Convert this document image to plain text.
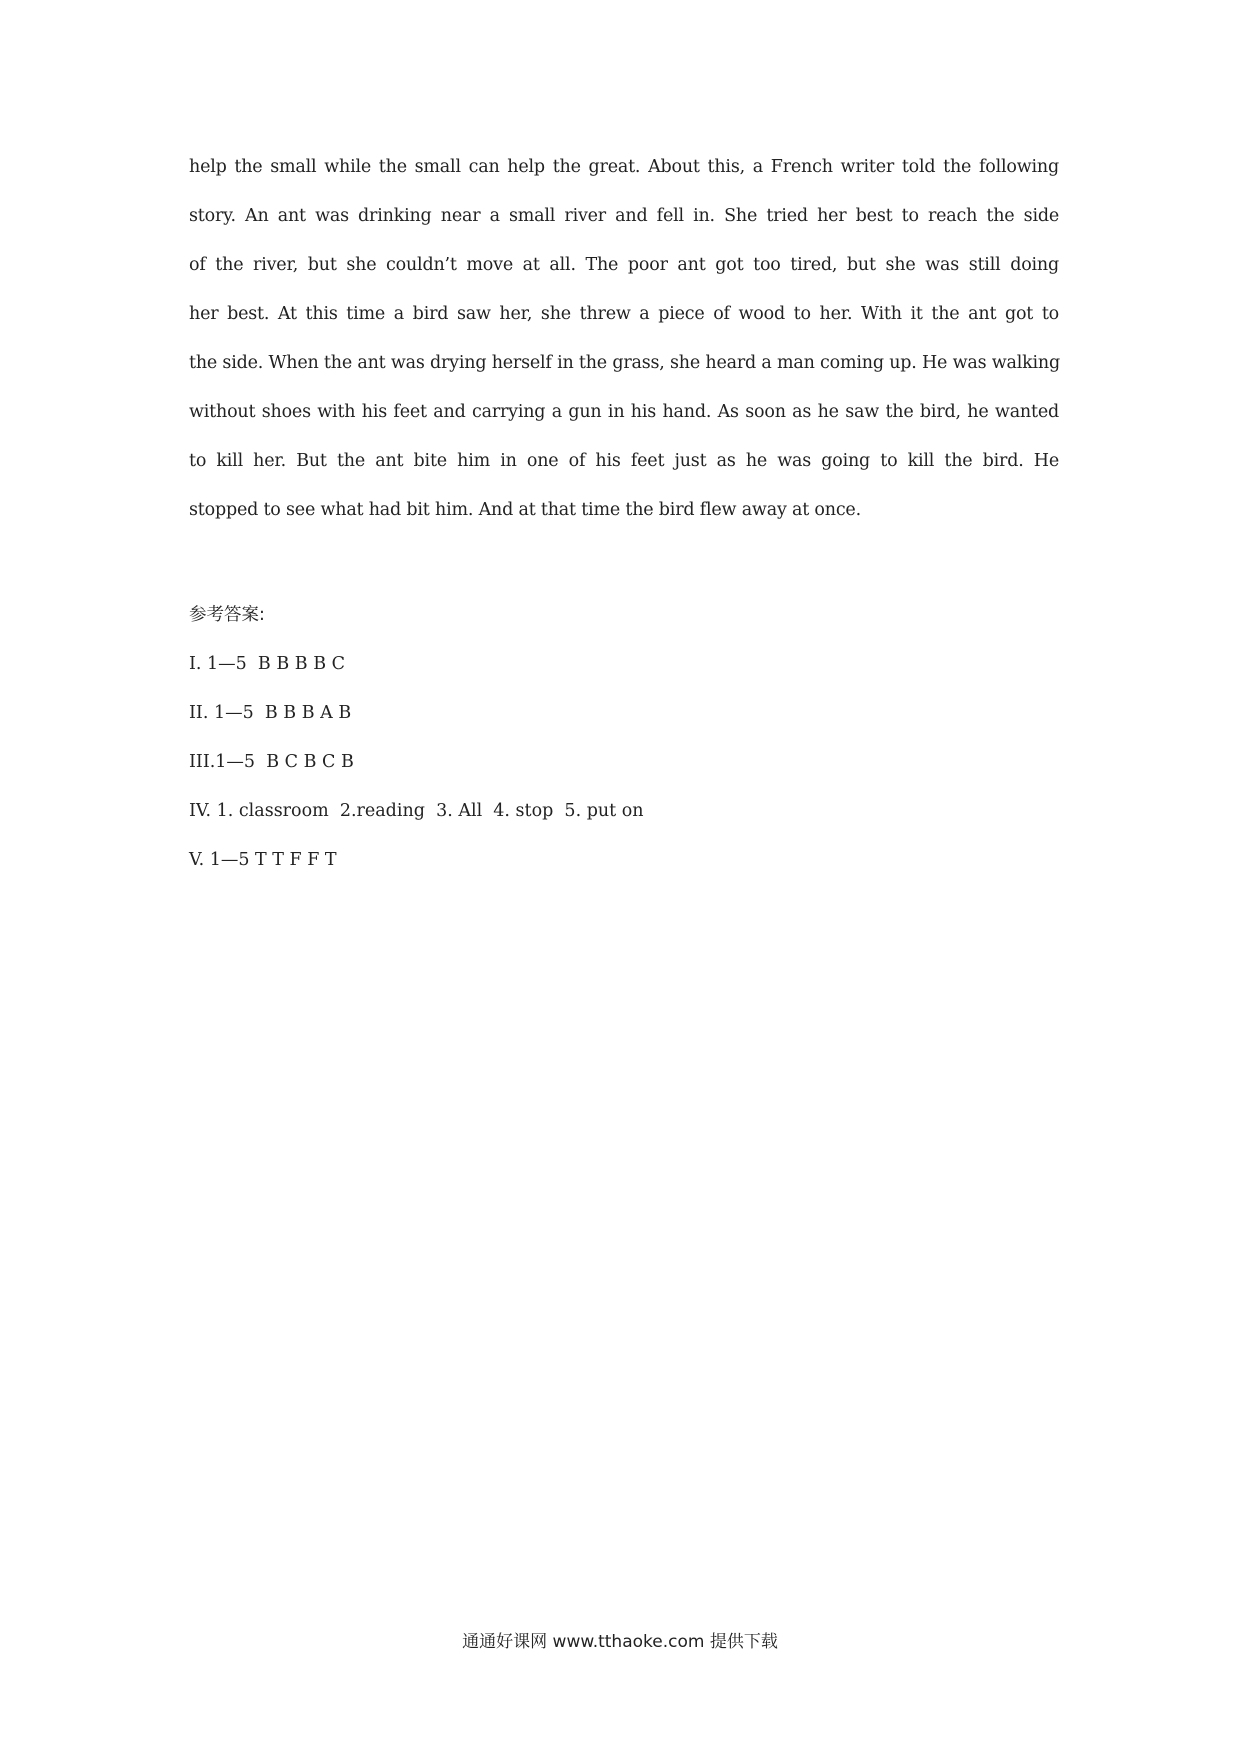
help the small while the small can help the great. About this, a French writer told the following
story. An ant was drinking near a small river and fell in. She tried her best to reach the side
of the river, but she couldn’t move at all. The poor ant got too tired, but she was still doing
her best. At this time a bird saw her, she threw a piece of wood to her. With it the ant got to
the side. When the ant was drying herself in the grass, she heard a man coming up. He was walking
without shoes with his feet and carrying a gun in his hand. As soon as he saw the bird, he wanted
to kill her. But the ant bite him in one of his feet just as he was going to kill the bird. He
stopped to see what had bit him. And at that time the bird flew away at once.
参考答案:
I. 1—5  B B B B C
II. 1—5  B B B A B
III.1—5  B C B C B
IV. 1. classroom  2.reading  3. All  4. stop  5. put on
V. 1—5 T T F F T
通通好课网 www.tthaoke.com 提供下载
